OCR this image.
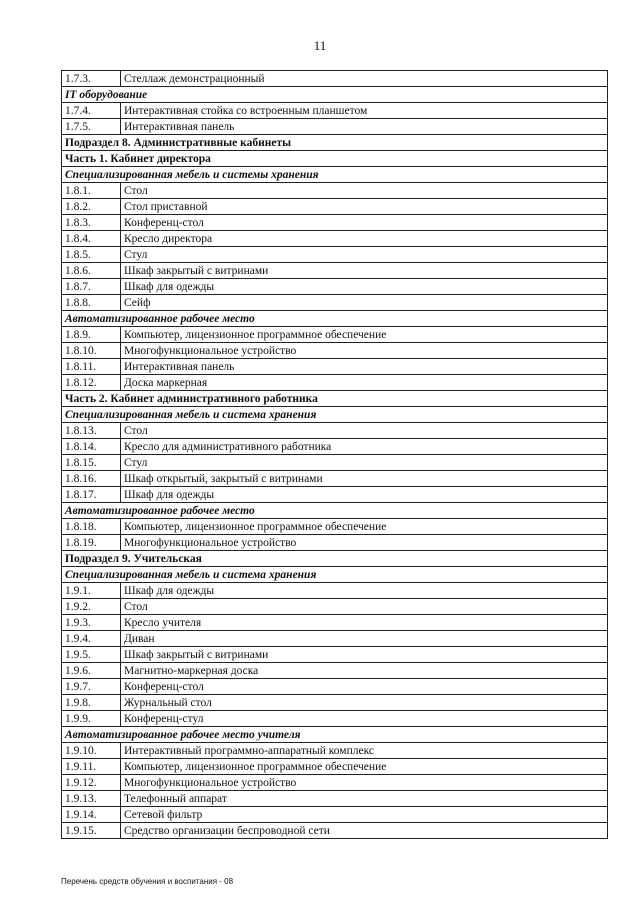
11
1.7.3.	Стеллаж демонстрационный
IT оборудование	
1.7.4.	Интерактивная стойка со встроенным планшетом
1.7.5.	Интерактивная панель
Подраздел 8. Административные кабинеты	
Часть 1. Кабинет директора	
Специализированная мебель и системы хранения	
1.8.1.	Стол
1.8.2.	Стол приставной
1.8.3.	Конференц-стол
1.8.4.	Кресло директора
1.8.5.	Стул
1.8.6.	Шкаф закрытый с витринами
1.8.7.	Шкаф для одежды
1.8.8.	Сейф
Автоматизированное рабочее место	
1.8.9.	Компьютер, лицензионное программное обеспечение
1.8.10.	Многофункциональное устройство
1.8.11.	Интерактивная панель
1.8.12.	Доска маркерная
Часть 2. Кабинет административного работника	
Специализированная мебель и система хранения	
1.8.13.	Стол
1.8.14.	Кресло для административного работника
1.8.15.	Стул
1.8.16.	Шкаф открытый, закрытый с витринами
1.8.17.	Шкаф для одежды
Автоматизированное рабочее место	
1.8.18.	Компьютер, лицензионное программное обеспечение
1.8.19.	Многофункциональное устройство
Подраздел 9. Учительская	
Специализированная мебель и система хранения	
1.9.1.	Шкаф для одежды
1.9.2.	Стол
1.9.3.	Кресло учителя
1.9.4.	Диван
1.9.5.	Шкаф закрытый с витринами
1.9.6.	Магнитно-маркерная доска
1.9.7.	Конференц-стол
1.9.8.	Журнальный стол
1.9.9.	Конференц-стул
Автоматизированное рабочее место учителя	
1.9.10.	Интерактивный программно-аппаратный комплекс
1.9.11.	Компьютер, лицензионное программное обеспечение
1.9.12.	Многофункциональное устройство
1.9.13.	Телефонный аппарат
1.9.14.	Сетевой фильтр
1.9.15.	Средство организации беспроводной сети
Перечень средств обучения и воспитания - 08
